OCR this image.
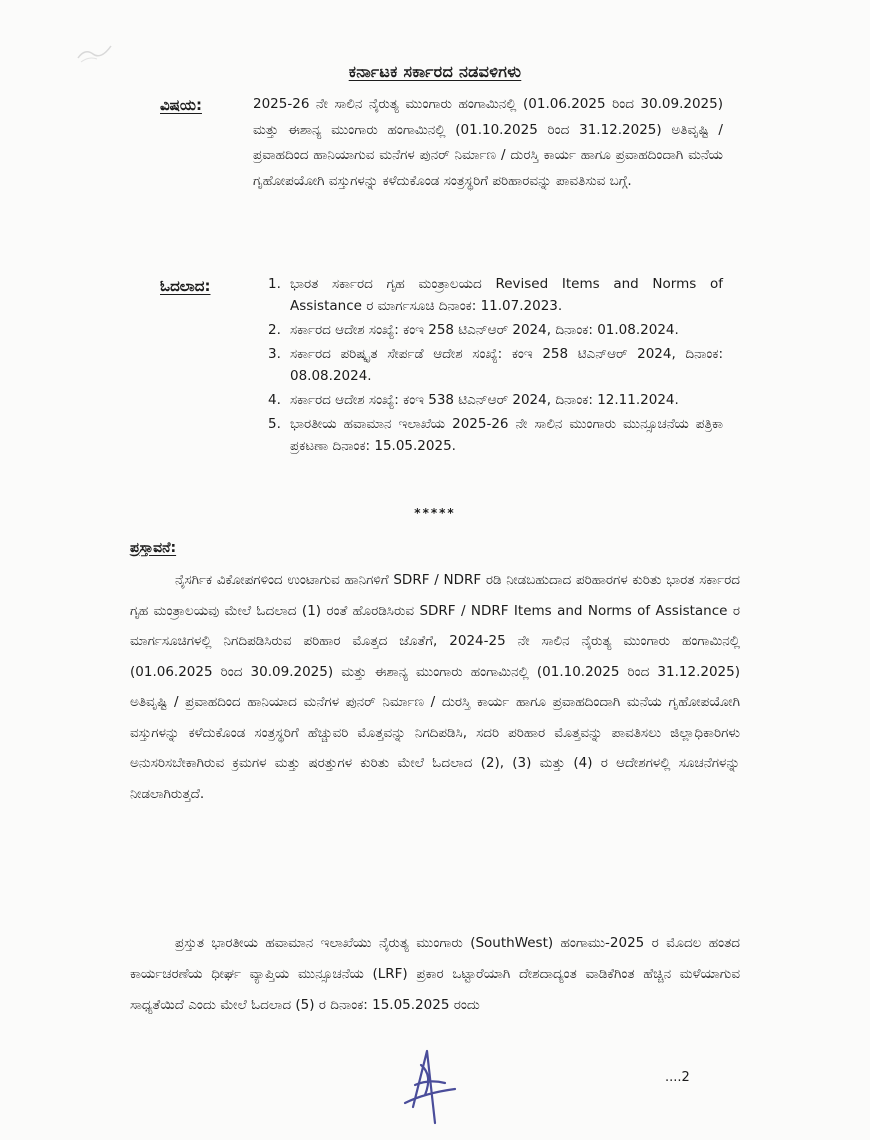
ಕರ್ನಾಟಕ ಸರ್ಕಾರದ ನಡವಳಿಗಳು
ವಿಷಯ:	2025-26 ನೇ ಸಾಲಿನ ನೈರುತ್ಯ ಮುಂಗಾರು ಹಂಗಾಮಿನಲ್ಲಿ (01.06.2025 ರಿಂದ 30.09.2025) ಮತ್ತು ಈಶಾನ್ಯ ಮುಂಗಾರು ಹಂಗಾಮಿನಲ್ಲಿ (01.10.2025 ರಿಂದ 31.12.2025) ಅತಿವೃಷ್ಟಿ / ಪ್ರವಾಹದಿಂದ ಹಾನಿಯಾಗುವ ಮನೆಗಳ ಪುನರ್ ನಿರ್ಮಾಣ / ದುರಸ್ತಿ ಕಾರ್ಯ ಹಾಗೂ ಪ್ರವಾಹದಿಂದಾಗಿ ಮನೆಯ ಗೃಹೋಪಯೋಗಿ ವಸ್ತುಗಳನ್ನು ಕಳೆದುಕೊಂಡ ಸಂತ್ರಸ್ಥರಿಗೆ ಪರಿಹಾರವನ್ನು ಪಾವತಿಸುವ ಬಗ್ಗೆ.
ಓದಲಾದ:	1. ಭಾರತ ಸರ್ಕಾರದ ಗೃಹ ಮಂತ್ರಾಲಯದ Revised Items and Norms of Assistance ರ ಮಾರ್ಗಸೂಚಿ ದಿನಾಂಕ: 11.07.2023.
2. ಸರ್ಕಾರದ ಆದೇಶ ಸಂಖ್ಯೆ: ಕಂಇ 258 ಟಿಎನ್‌ಆರ್ 2024, ದಿನಾಂಕ: 01.08.2024.
3. ಸರ್ಕಾರದ ಪರಿಷ್ಕೃತ ಸೇರ್ಪಡೆ ಆದೇಶ ಸಂಖ್ಯೆ: ಕಂಇ 258 ಟಿಎನ್‌ಆರ್ 2024, ದಿನಾಂಕ: 08.08.2024.
4. ಸರ್ಕಾರದ ಆದೇಶ ಸಂಖ್ಯೆ: ಕಂಇ 538 ಟಿಎನ್‌ಆರ್ 2024, ದಿನಾಂಕ: 12.11.2024.
5. ಭಾರತೀಯ ಹವಾಮಾನ ಇಲಾಖೆಯ 2025-26 ನೇ ಸಾಲಿನ ಮುಂಗಾರು ಮುನ್ಸೂಚನೆಯ ಪತ್ರಿಕಾ ಪ್ರಕಟಣಾ ದಿನಾಂಕ: 15.05.2025.
*****
ಪ್ರಸ್ತಾವನೆ:
ನೈಸರ್ಗಿಕ ವಿಕೋಪಗಳಿಂದ ಉಂಟಾಗುವ ಹಾನಿಗಳಿಗೆ SDRF / NDRF ರಡಿ ನೀಡಬಹುದಾದ ಪರಿಹಾರಗಳ ಕುರಿತು ಭಾರತ ಸರ್ಕಾರದ ಗೃಹ ಮಂತ್ರಾಲಯವು ಮೇಲೆ ಓದಲಾದ (1) ರಂತೆ ಹೊರಡಿಸಿರುವ SDRF / NDRF Items and Norms of Assistance ರ ಮಾರ್ಗಸೂಚಿಗಳಲ್ಲಿ ನಿಗದಿಪಡಿಸಿರುವ ಪರಿಹಾರ ಮೊತ್ತದ ಜೊತೆಗೆ, 2024-25 ನೇ ಸಾಲಿನ ನೈರುತ್ಯ ಮುಂಗಾರು ಹಂಗಾಮಿನಲ್ಲಿ (01.06.2025 ರಿಂದ 30.09.2025) ಮತ್ತು ಈಶಾನ್ಯ ಮುಂಗಾರು ಹಂಗಾಮಿನಲ್ಲಿ (01.10.2025 ರಿಂದ 31.12.2025) ಅತಿವೃಷ್ಟಿ / ಪ್ರವಾಹದಿಂದ ಹಾನಿಯಾದ ಮನೆಗಳ ಪುನರ್ ನಿರ್ಮಾಣ / ದುರಸ್ತಿ ಕಾರ್ಯ ಹಾಗೂ ಪ್ರವಾಹದಿಂದಾಗಿ ಮನೆಯ ಗೃಹೋಪಯೋಗಿ ವಸ್ತುಗಳನ್ನು ಕಳೆದುಕೊಂಡ ಸಂತ್ರಸ್ಥರಿಗೆ ಹೆಚ್ಚುವರಿ ಮೊತ್ತವನ್ನು ನಿಗದಿಪಡಿಸಿ, ಸದರಿ ಪರಿಹಾರ ಮೊತ್ತವನ್ನು ಪಾವತಿಸಲು ಜಿಲ್ಲಾಧಿಕಾರಿಗಳು ಅನುಸರಿಸಬೇಕಾಗಿರುವ ಕ್ರಮಗಳ ಮತ್ತು ಷರತ್ತುಗಳ ಕುರಿತು ಮೇಲೆ ಓದಲಾದ (2), (3) ಮತ್ತು (4) ರ ಆದೇಶಗಳಲ್ಲಿ ಸೂಚನೆಗಳನ್ನು ನೀಡಲಾಗಿರುತ್ತದೆ.
ಪ್ರಸ್ತುತ ಭಾರತೀಯ ಹವಾಮಾನ ಇಲಾಖೆಯು ನೈರುತ್ಯ ಮುಂಗಾರು (SouthWest) ಹಂಗಾಮು-2025 ರ ಮೊದಲ ಹಂತದ ಕಾರ್ಯಚರಣೆಯ ಧೀರ್ಘ ವ್ಯಾಪ್ತಿಯ ಮುನ್ಸೂಚನೆಯ (LRF) ಪ್ರಕಾರ ಒಟ್ಟಾರೆಯಾಗಿ ದೇಶದಾದ್ಯಂತ ವಾಡಿಕೆಗಿಂತ ಹೆಚ್ಚಿನ ಮಳೆಯಾಗುವ ಸಾಧ್ಯತೆಯಿದೆ ಎಂದು ಮೇಲೆ ಓದಲಾದ (5) ರ ದಿನಾಂಕ: 15.05.2025 ರಂದು
....2
